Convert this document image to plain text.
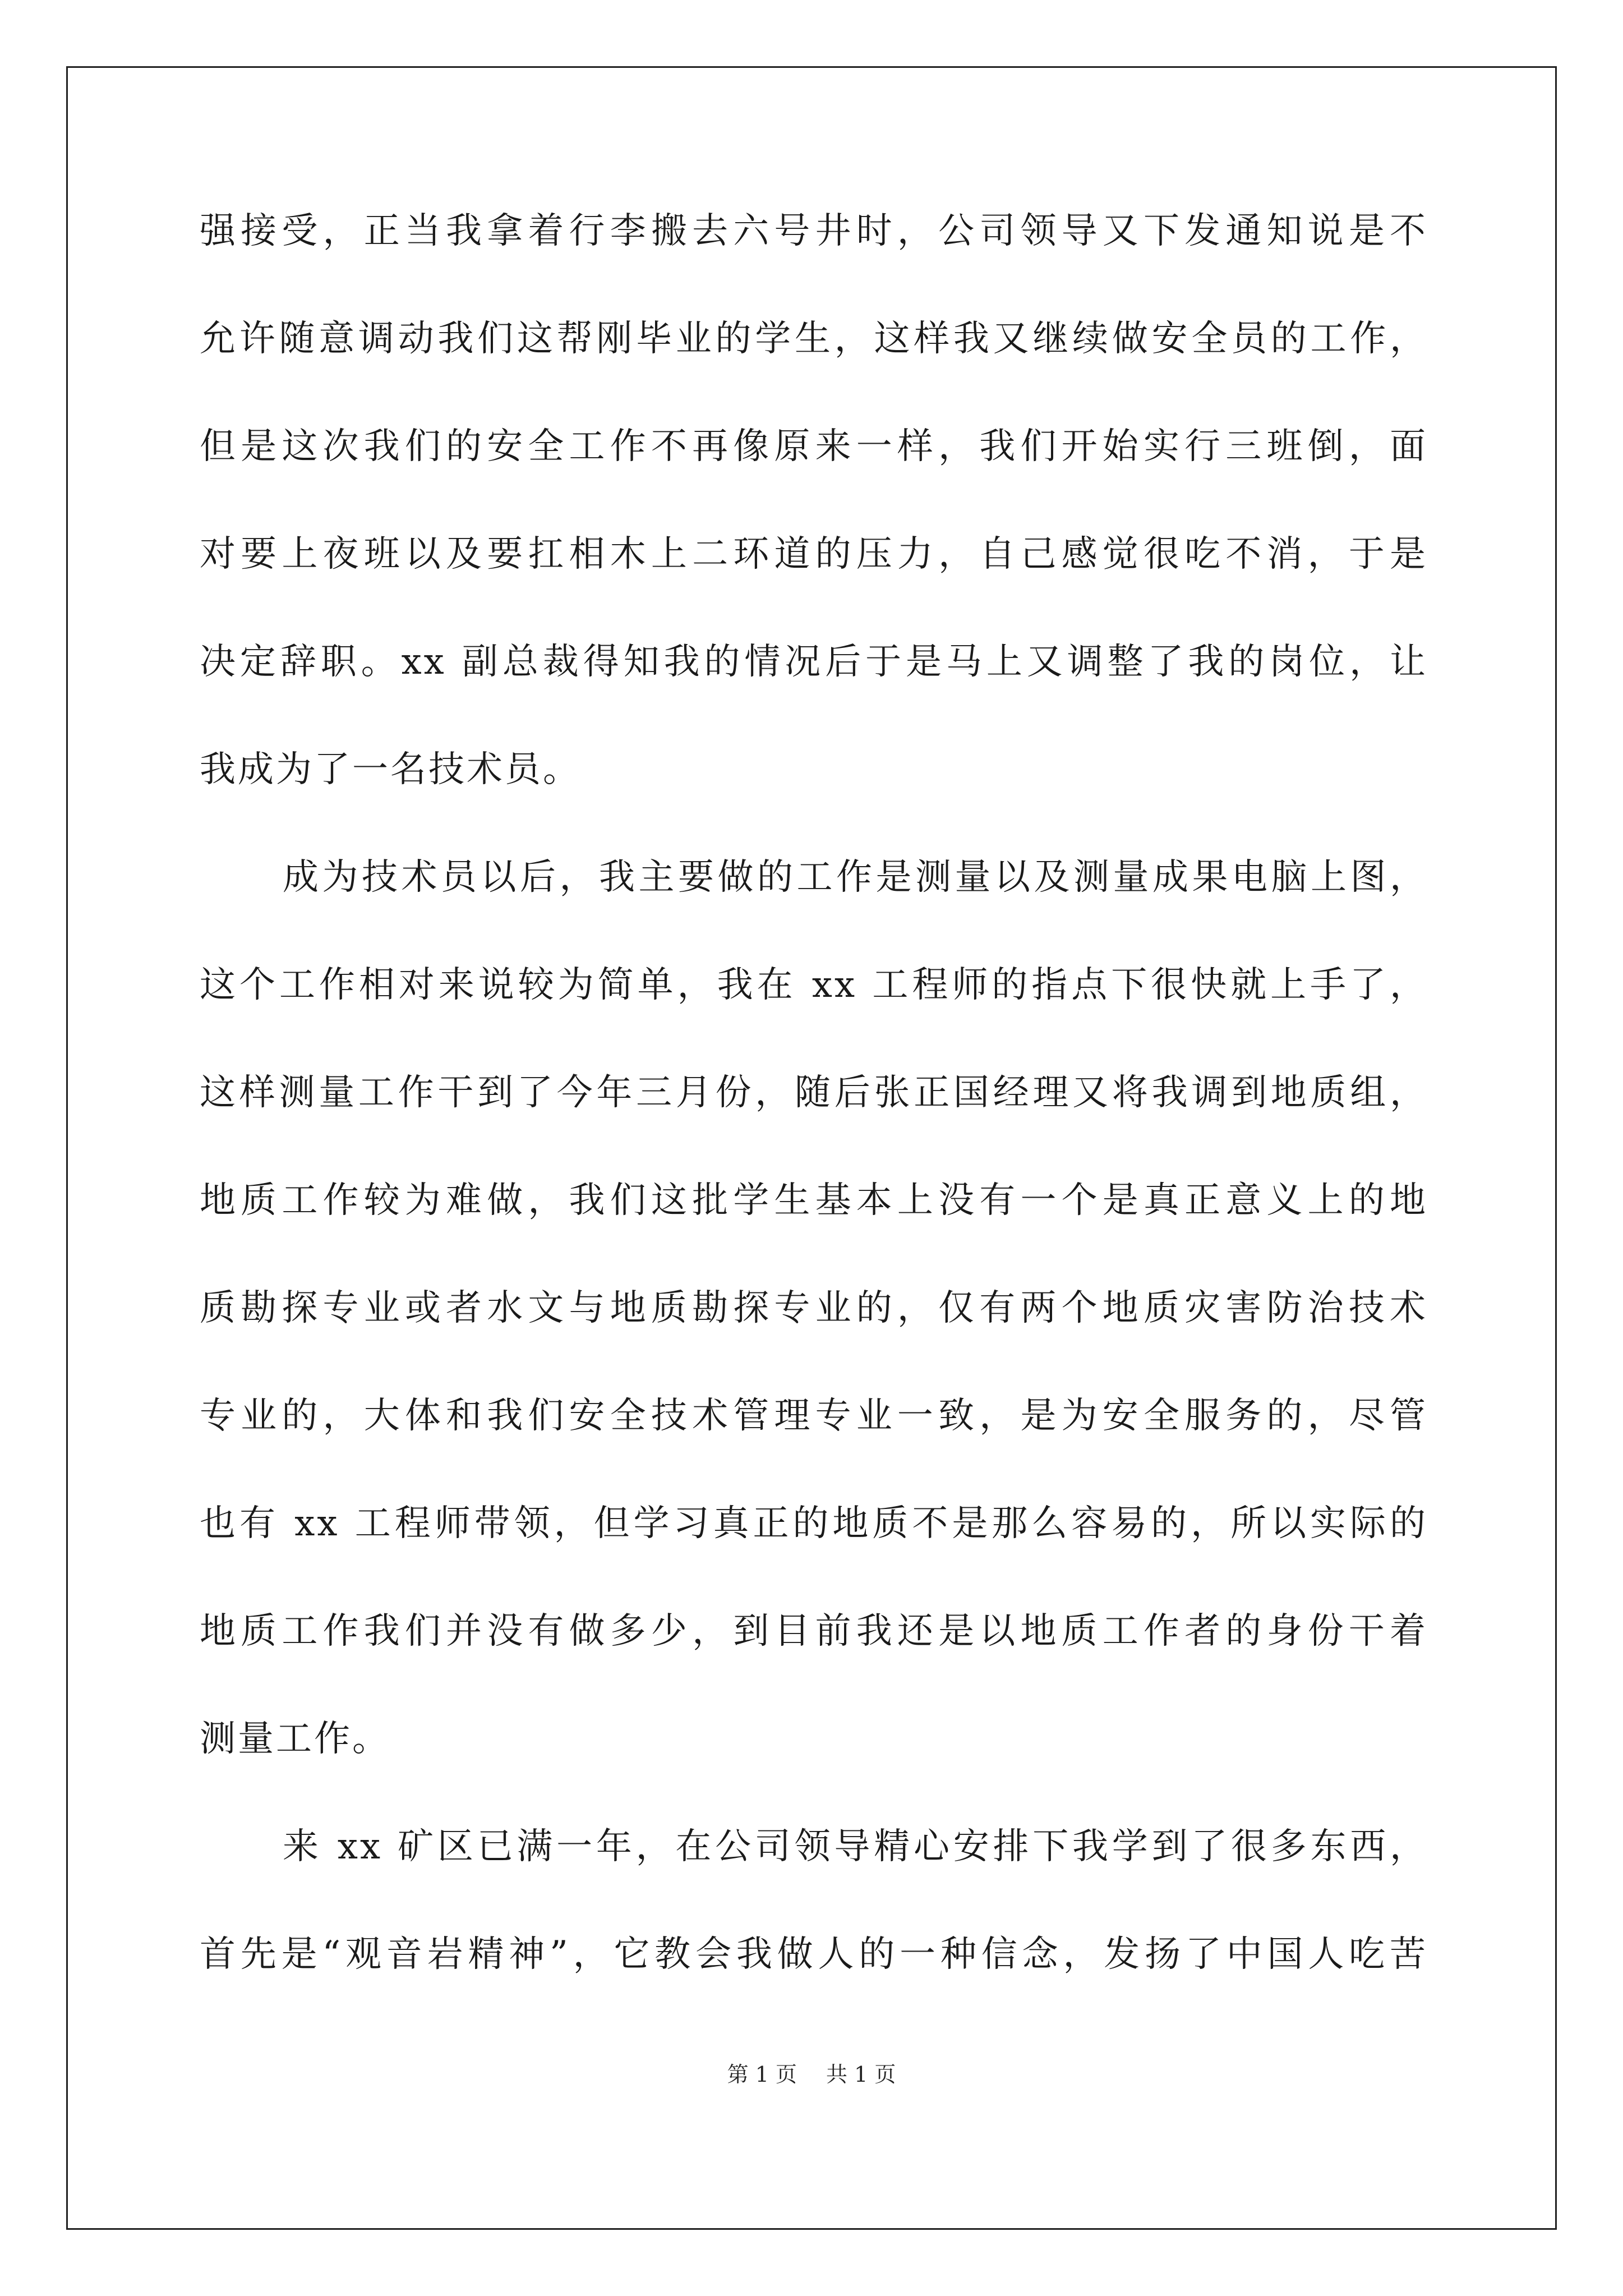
强接受，正当我拿着行李搬去六号井时，公司领导又下发通知说是不

允许随意调动我们这帮刚毕业的学生，这样我又继续做安全员的工作，

但是这次我们的安全工作不再像原来一样，我们开始实行三班倒，面

对要上夜班以及要扛相木上二环道的压力，自己感觉很吃不消，于是

决定辞职。xx 副总裁得知我的情况后于是马上又调整了我的岗位，让

我成为了一名技术员。

成为技术员以后，我主要做的工作是测量以及测量成果电脑上图，

这个工作相对来说较为简单，我在 xx 工程师的指点下很快就上手了，

这样测量工作干到了今年三月份，随后张正国经理又将我调到地质组，

地质工作较为难做，我们这批学生基本上没有一个是真正意义上的地

质勘探专业或者水文与地质勘探专业的，仅有两个地质灾害防治技术

专业的，大体和我们安全技术管理专业一致，是为安全服务的，尽管

也有 xx 工程师带领，但学习真正的地质不是那么容易的，所以实际的

地质工作我们并没有做多少，到目前我还是以地质工作者的身份干着

测量工作。

来 xx 矿区已满一年，在公司领导精心安排下我学到了很多东西，

首先是“观音岩精神”，它教会我做人的一种信念，发扬了中国人吃苦

第 1 页 共 1 页
